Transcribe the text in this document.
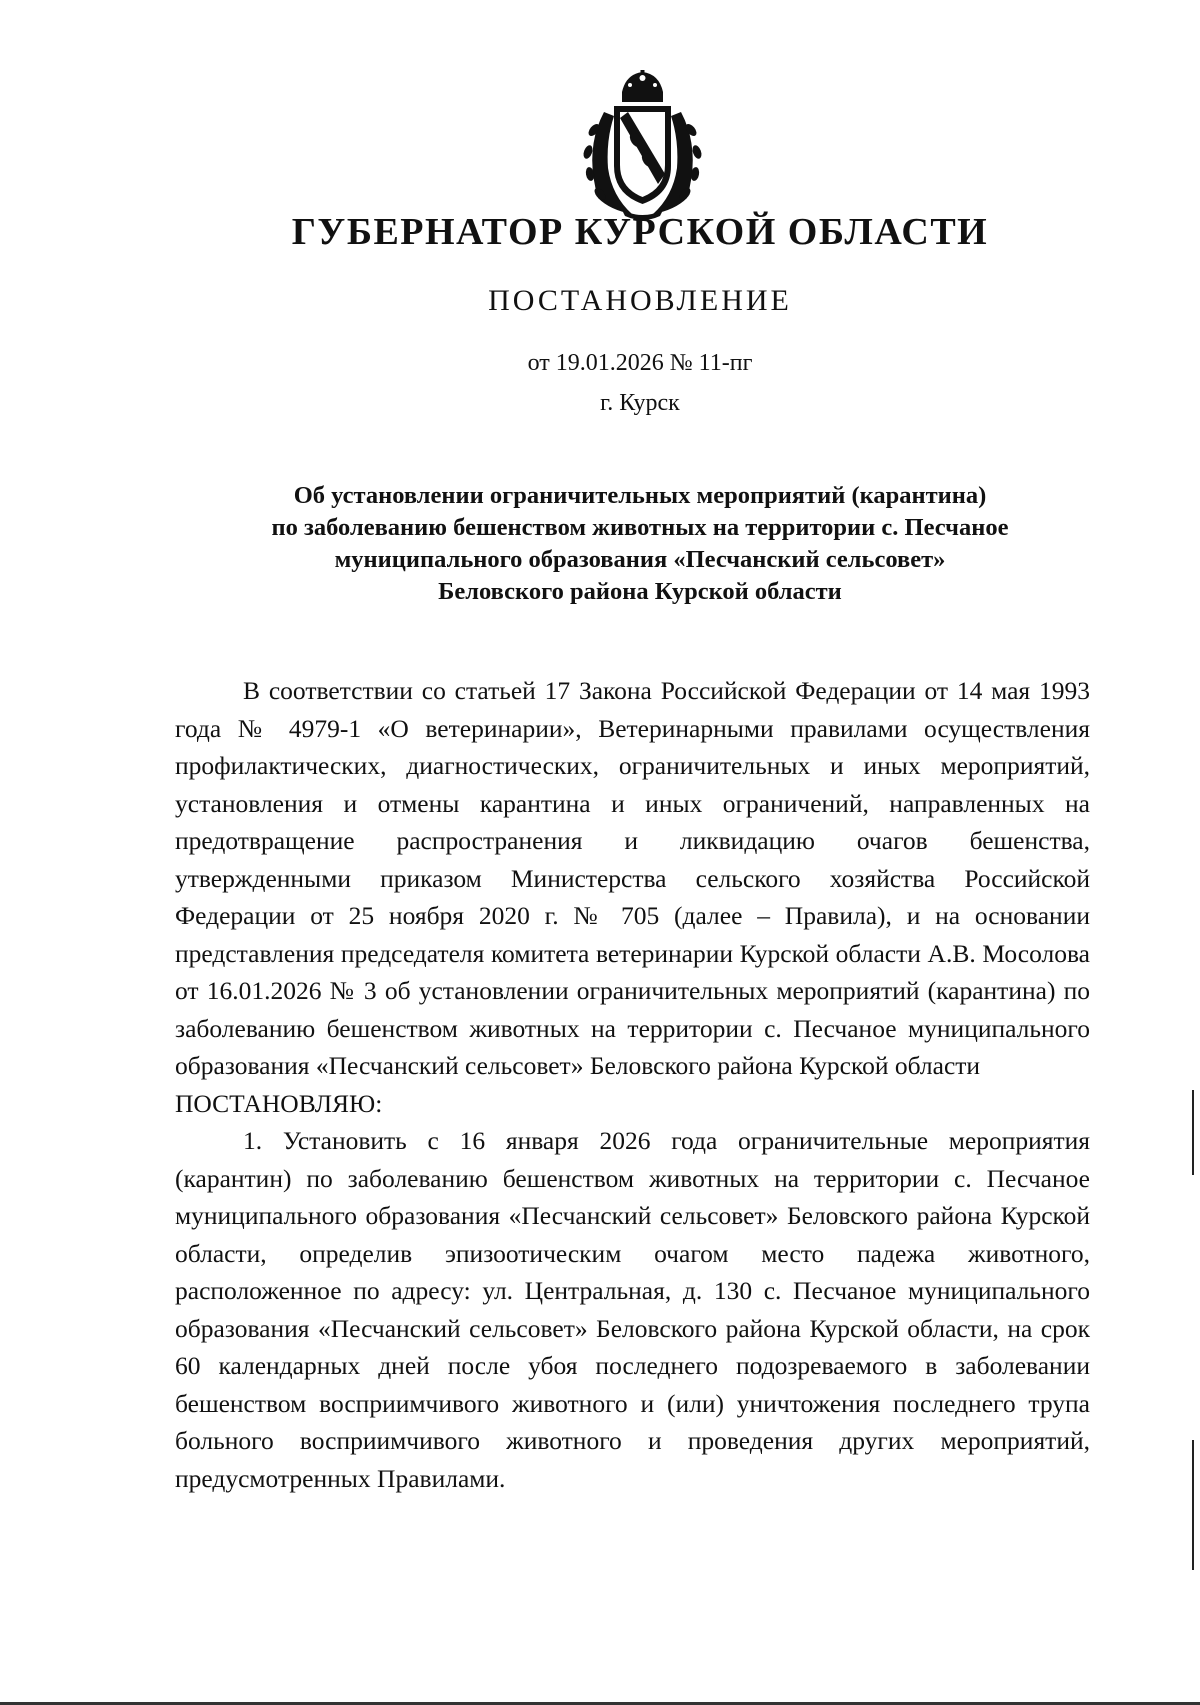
ГУБЕРНАТОР КУРСКОЙ ОБЛАСТИ
ПОСТАНОВЛЕНИЕ
от 19.01.2026 № 11-пг
г. Курск
Об установлении ограничительных мероприятий (карантина)
по заболеванию бешенством животных на территории с. Песчаное
муниципального образования «Песчанский сельсовет»
Беловского района Курской области

В соответствии со статьей 17 Закона Российской Федерации от 14 мая 1993 года № 4979-1 «О ветеринарии», Ветеринарными правилами осуществления профилактических, диагностических, ограничительных и иных мероприятий, установления и отмены карантина и иных ограничений, направленных на предотвращение распространения и ликвидацию очагов бешенства, утвержденными приказом Министерства сельского хозяйства Российской Федерации от 25 ноября 2020 г. № 705 (далее – Правила), и на основании представления председателя комитета ветеринарии Курской области А.В. Мосолова от 16.01.2026 № 3 об установлении ограничительных мероприятий (карантина) по заболеванию бешенством животных на территории с. Песчаное муниципального образования «Песчанский сельсовет» Беловского района Курской области

ПОСТАНОВЛЯЮ:

1. Установить с 16 января 2026 года ограничительные мероприятия (карантин) по заболеванию бешенством животных на территории с. Песчаное муниципального образования «Песчанский сельсовет» Беловского района Курской области, определив эпизоотическим очагом место падежа животного, расположенное по адресу: ул. Центральная, д. 130 с. Песчаное муниципального образования «Песчанский сельсовет» Беловского района Курской области, на срок 60 календарных дней после убоя последнего подозреваемого в заболевании бешенством восприимчивого животного и (или) уничтожения последнего трупа больного восприимчивого животного и проведения других мероприятий, предусмотренных Правилами.
